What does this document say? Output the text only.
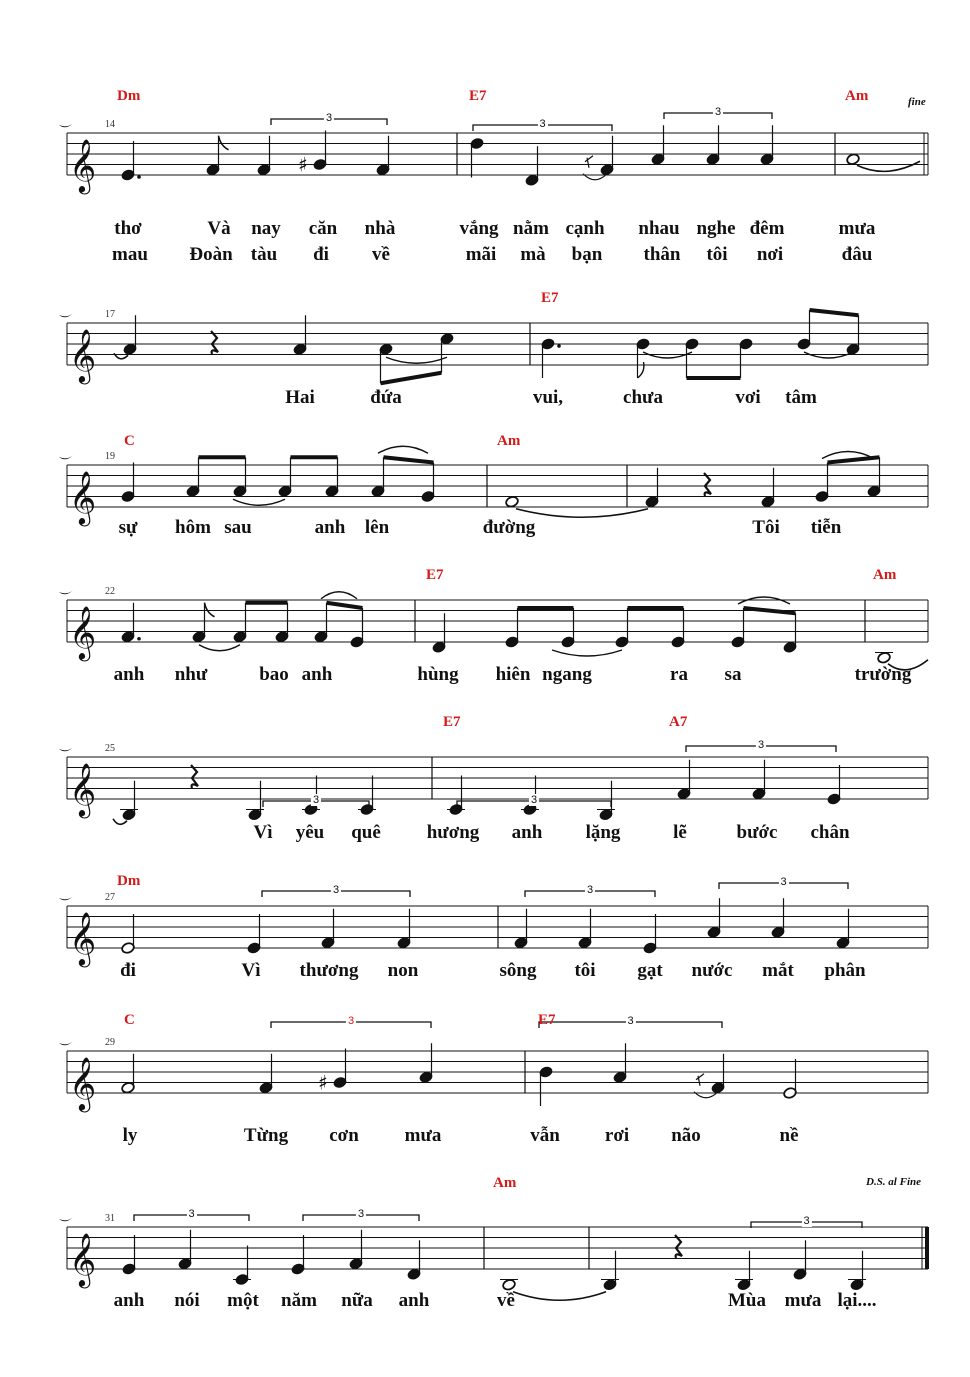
𝄞	♯
𝄞
𝄞
𝄞
𝄞
𝄞
𝄞	♯
𝄞
14
Dm	E7	Am
3	3
3
thơ	Và nay căn nhà	vắng nằm cạnh nhau nghe đêm	mưa
mau Đoàn tàu đi về	mãi mà bạn thân tôi nơi	đâu
17
E7
Hai	đứa	vui,	chưa	vơi tâm
19
C	Am
sự hôm sau	anh lên	đường	Tôi tiễn
22
E7	Am
anh như	bao anh	hùng hiên ngang	ra sa	trường
25
E7	A7
3	3
3
Vì yêu quê hương anh lặng	lẽ	bước chân
27
Dm
3	3
3
đi	Vì thương non	sông tôi gạt nước mắt phân
29
C	E7
3	3
ly	Từng cơn mưa	vẫn rơi não	nề
31
Am
3	3
3
anh nói một năm nữa anh	về	Mùa mưa lại....
fine
D.S. al Fine
